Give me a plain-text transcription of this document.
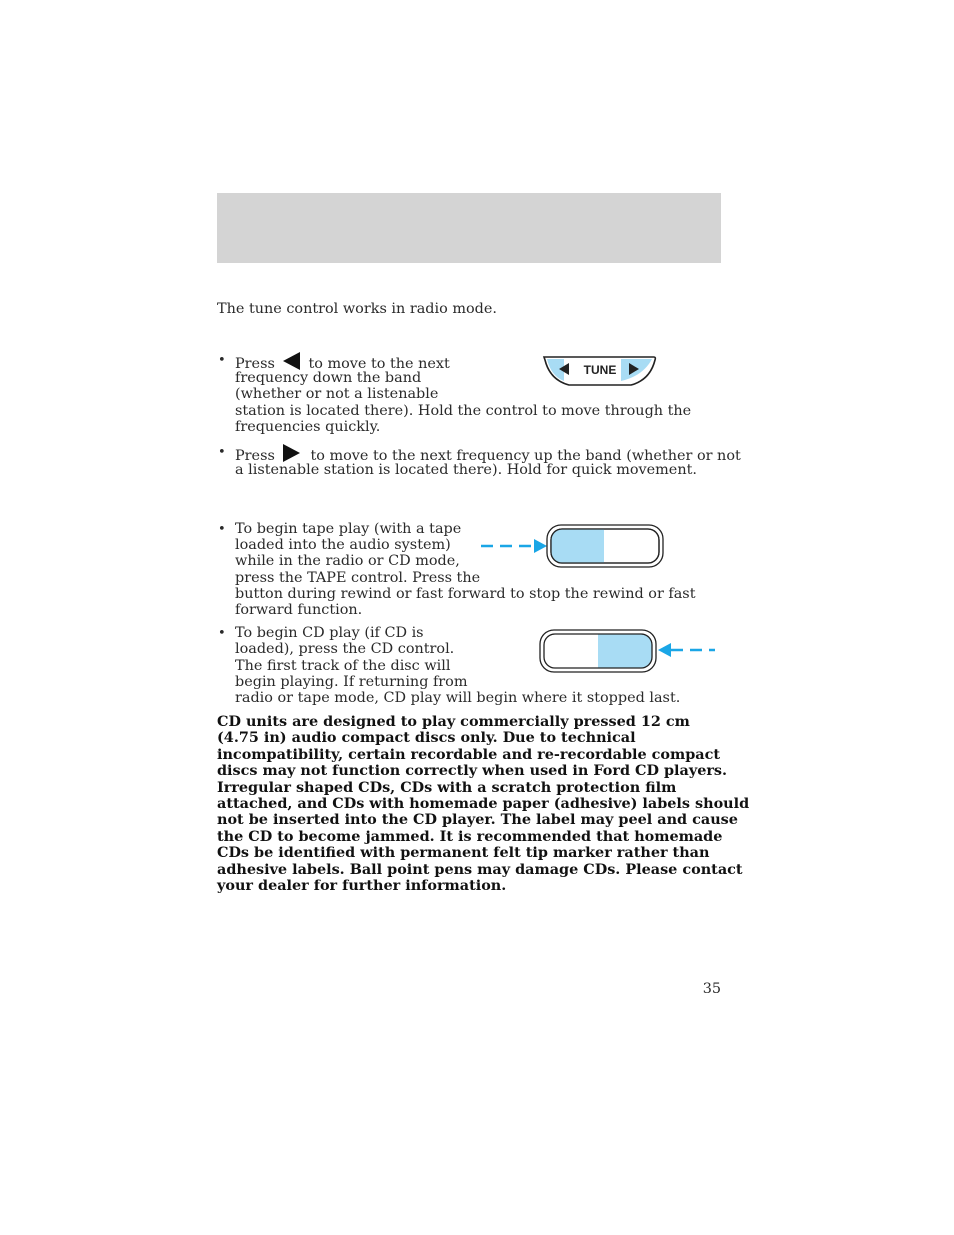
The tune control works in radio mode.
• Press to move to the next
frequency down the band
(whether or not a listenable
station is located there). Hold the control to move through the
frequencies quickly.
TUNE
• Press to move to the next frequency up the band (whether or not
a listenable station is located there). Hold for quick movement.
• To begin tape play (with a tape
loaded into the audio system)
while in the radio or CD mode,
press the TAPE control. Press the
button during rewind or fast forward to stop the rewind or fast
forward function.
• To begin CD play (if CD is
loaded), press the CD control.
The first track of the disc will
begin playing. If returning from
radio or tape mode, CD play will begin where it stopped last.
CD units are designed to play commercially pressed 12 cm
(4.75 in) audio compact discs only. Due to technical
incompatibility, certain recordable and re-recordable compact
discs may not function correctly when used in Ford CD players.
Irregular shaped CDs, CDs with a scratch protection film
attached, and CDs with homemade paper (adhesive) labels should
not be inserted into the CD player. The label may peel and cause
the CD to become jammed. It is recommended that homemade
CDs be identified with permanent felt tip marker rather than
adhesive labels. Ball point pens may damage CDs. Please contact
your dealer for further information.
35
